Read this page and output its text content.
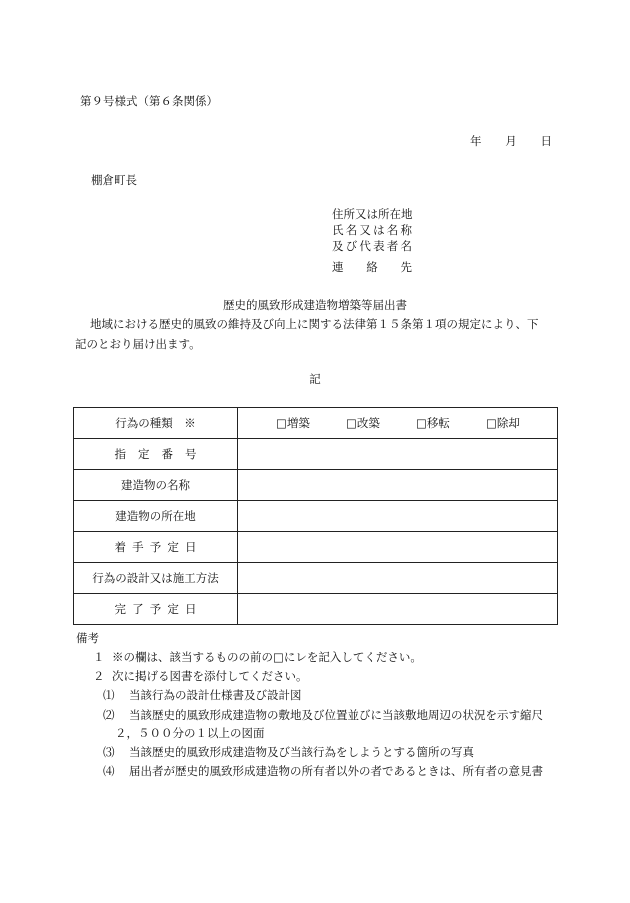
第９号様式（第６条関係）
年 月 日
棚倉町長
住所又は所在地
氏 名 又 は 名 称
及 び 代 表 者 名
連 絡 先
歴史的風致形成建造物増築等届出書
地域における歴史的風致の維持及び向上に関する法律第１５条第１項の規定により、下
記のとおり届け出ます。
記
行為の種類　※	□増築 □改築 □移転 □除却

指 定 番 号	

建造物の名称	
建造物の所在地	

着 手 予 定 日	

行為の設計又は施工方法	

完 了 予 定 日	

備考
１ ※の欄は、該当するものの前の□にレを記入してください。
２ 次に掲げる図書を添付してください。
⑴ 当該行為の設計仕様書及び設計図
⑵ 当該歴史的風致形成建造物の敷地及び位置並びに当該敷地周辺の状況を示す縮尺
２，５００分の１以上の図面
⑶ 当該歴史的風致形成建造物及び当該行為をしようとする箇所の写真
⑷ 届出者が歴史的風致形成建造物の所有者以外の者であるときは、所有者の意見書
